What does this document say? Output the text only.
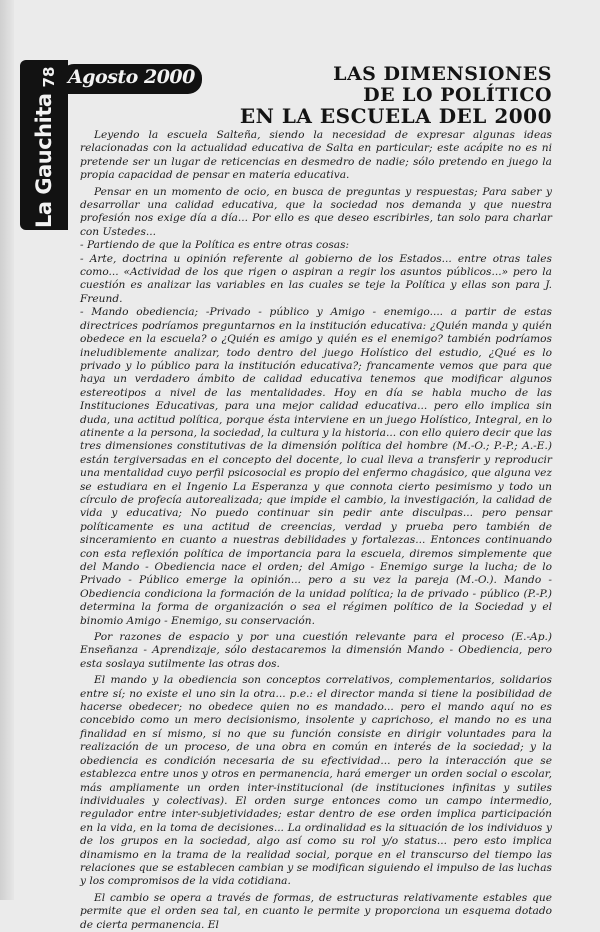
78
La Gauchita
Agosto 2000	LAS DIMENSIONES
DE LO POLÍTICO
EN LA ESCUELA DEL 2000

Leyendo la escuela Salteña, siendo la necesidad de expresar algunas ideas relacionadas con la actualidad educativa de Salta en particular; este acápite no es ni pretende ser un lugar de reticencias en desmedro de nadie; sólo pretendo en juego la propia capacidad de pensar en materia educativa.

Pensar en un momento de ocio, en busca de preguntas y respuestas; Para saber y desarrollar una calidad educativa, que la sociedad nos demanda y que nuestra profesión nos exige día a día... Por ello es que deseo escribirles, tan solo para charlar con Ustedes...

- Partiendo de que la Política es entre otras cosas:

- Arte, doctrina u opinión referente al gobierno de los Estados... entre otras tales como... «Actividad de los que rigen o aspiran a regir los asuntos públicos...» pero la cuestión es analizar las variables en las cuales se teje la Política y ellas son para J. Freund.

- Mando obediencia; -Privado - público y Amigo - enemigo.... a partir de estas directrices podríamos preguntarnos en la institución educativa: ¿Quién manda y quién obedece en la escuela? o ¿Quién es amigo y quién es el enemigo? también podríamos ineludiblemente analizar, todo dentro del juego Holístico del estudio, ¿Qué es lo privado y lo público para la institución educativa?; francamente vemos que para que haya un verdadero ámbito de calidad educativa tenemos que modificar algunos estereotipos a nivel de las mentalidades. Hoy en día se habla mucho de las Instituciones Educativas, para una mejor calidad educativa... pero ello implica sin duda, una actitud política, porque ésta interviene en un juego Holístico, Integral, en lo atinente a la persona, la sociedad, la cultura y la historia... con ello quiero decir que las tres dimensiones constitutivas de la dimensión política del hombre (M.-O.; P.-P.; A.-E.) están tergiversadas en el concepto del docente, lo cual lleva a transferir y reproducir una mentalidad cuyo perfil psicosocial es propio del enfermo chagásico, que alguna vez se estudiara en el Ingenio La Esperanza y que connota cierto pesimismo y todo un círculo de profecía autorealizada; que impide el cambio, la investigación, la calidad de vida y educativa; No puedo continuar sin pedir ante disculpas... pero pensar políticamente es una actitud de creencias, verdad y prueba pero también de sinceramiento en cuanto a nuestras debilidades y fortalezas... Entonces continuando con esta reflexión política de importancia para la escuela, diremos simplemente que del Mando - Obediencia nace el orden; del Amigo - Enemigo surge la lucha; de lo Privado - Público emerge la opinión... pero a su vez la pareja (M.-O.). Mando - Obediencia condiciona la formación de la unidad política; la de privado - público (P.-P.) determina la forma de organización o sea el régimen político de la Sociedad y el binomio Amigo - Enemigo, su conservación.

Por razones de espacio y por una cuestión relevante para el proceso (E.-Ap.) Enseñanza - Aprendizaje, sólo destacaremos la dimensión Mando - Obediencia, pero esta soslaya sutilmente las otras dos.

El mando y la obediencia son conceptos correlativos, complementarios, solidarios entre sí; no existe el uno sin la otra... p.e.: el director manda si tiene la posibilidad de hacerse obedecer; no obedece quien no es mandado... pero el mando aquí no es concebido como un mero decisionismo, insolente y caprichoso, el mando no es una finalidad en sí mismo, si no que su función consiste en dirigir voluntades para la realización de un proceso, de una obra en común en interés de la sociedad; y la obediencia es condición necesaria de su efectividad... pero la interacción que se establezca entre unos y otros en permanencia, hará emerger un orden social o escolar, más ampliamente un orden inter-institucional (de instituciones infinitas y sutiles individuales y colectivas). El orden surge entonces como un campo intermedio, regulador entre inter-subjetividades; estar dentro de ese orden implica participación en la vida, en la toma de decisiones... La ordinalidad es la situación de los individuos y de los grupos en la sociedad, algo así como su rol y/o status... pero esto implica dinamismo en la trama de la realidad social, porque en el transcurso del tiempo las relaciones que se establecen cambian y se modifican siguiendo el impulso de las luchas y los compromisos de la vida cotidiana.

El cambio se opera a través de formas, de estructuras relativamente estables que permite que el orden sea tal, en cuanto le permite y proporciona un esquema dotado de cierta permanencia. El
